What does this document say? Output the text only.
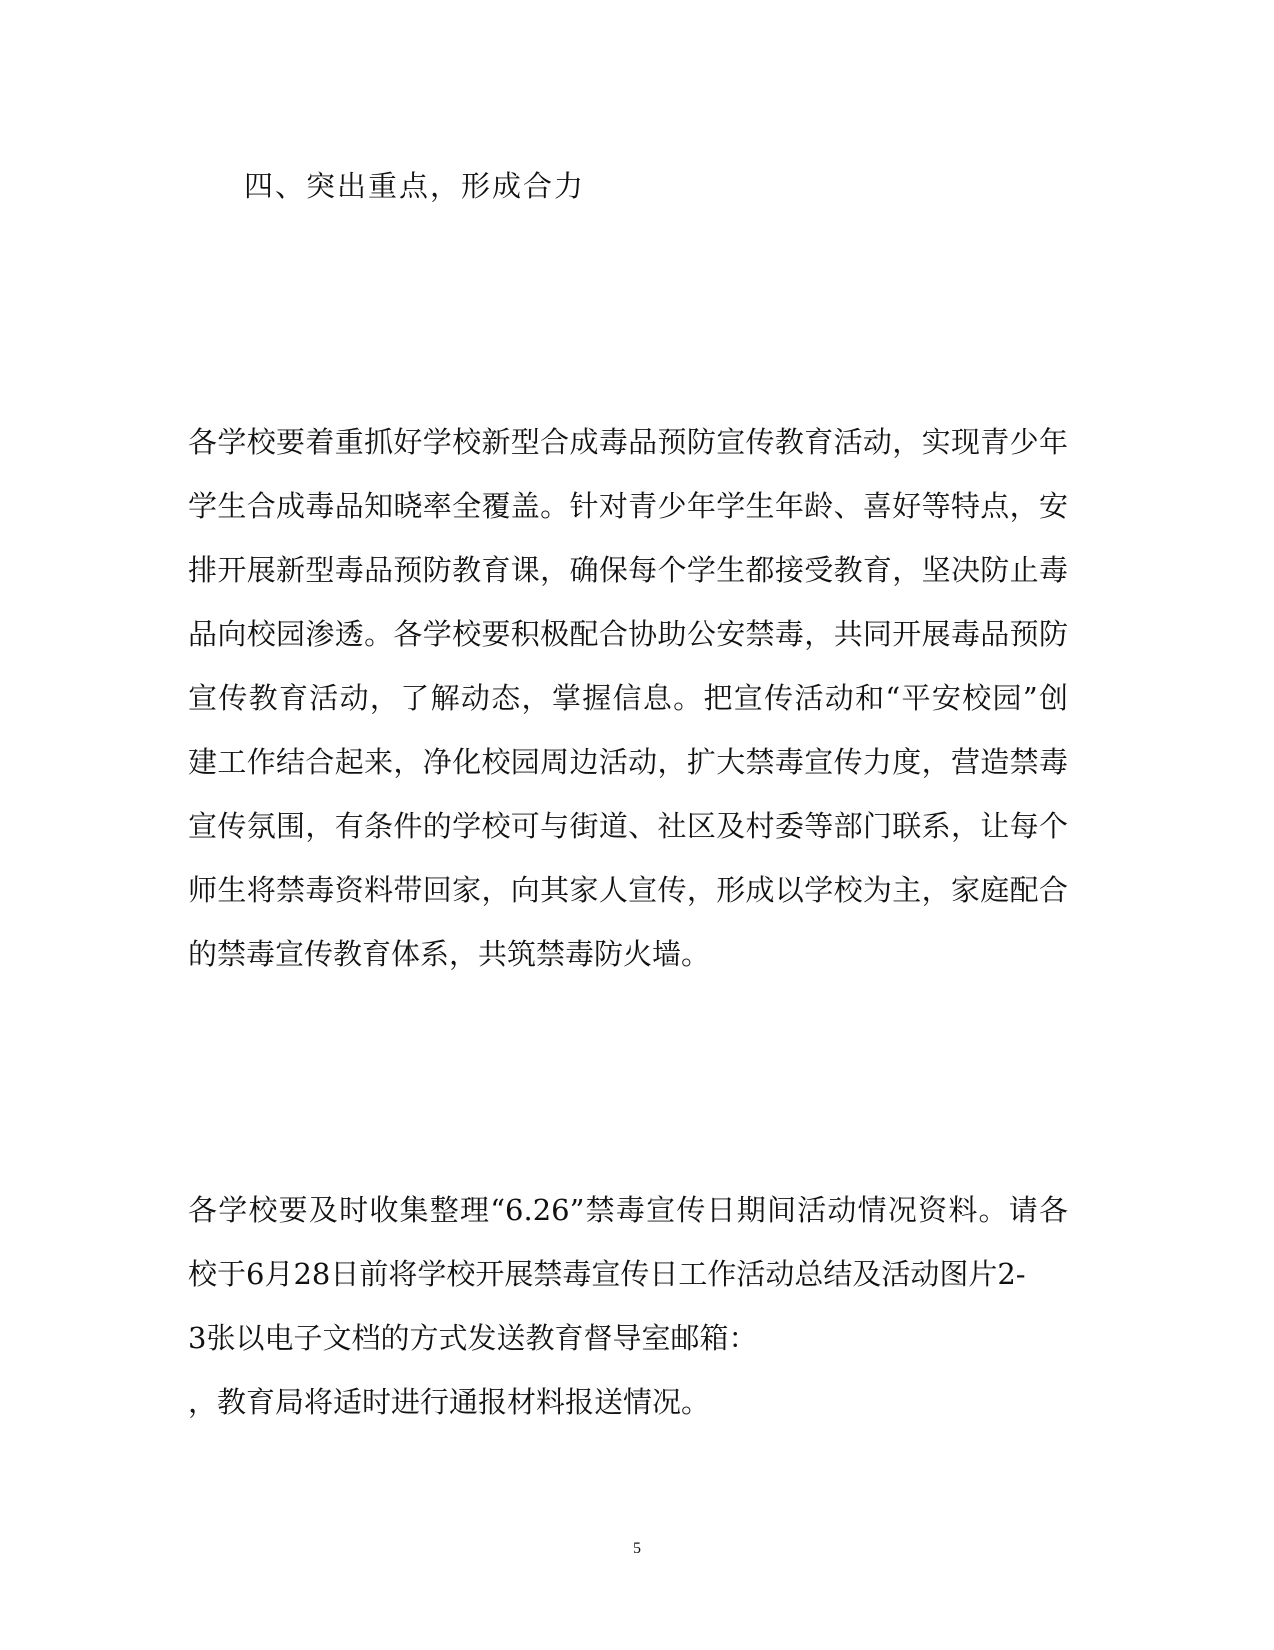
四、突出重点，形成合力
各学校要着重抓好学校新型合成毒品预防宣传教育活动，实现青少年
学生合成毒品知晓率全覆盖。针对青少年学生年龄、喜好等特点，安
排开展新型毒品预防教育课，确保每个学生都接受教育，坚决防止毒
品向校园渗透。各学校要积极配合协助公安禁毒，共同开展毒品预防
宣传教育活动，了解动态，掌握信息。把宣传活动和“平安校园”创
建工作结合起来，净化校园周边活动，扩大禁毒宣传力度，营造禁毒
宣传氛围，有条件的学校可与街道、社区及村委等部门联系，让每个
师生将禁毒资料带回家，向其家人宣传，形成以学校为主，家庭配合
的禁毒宣传教育体系，共筑禁毒防火墙。
各学校要及时收集整理“6.26”禁毒宣传日期间活动情况资料。请各
校于6月28日前将学校开展禁毒宣传日工作活动总结及活动图片2-
3张以电子文档的方式发送教育督导室邮箱：
，教育局将适时进行通报材料报送情况。
5
